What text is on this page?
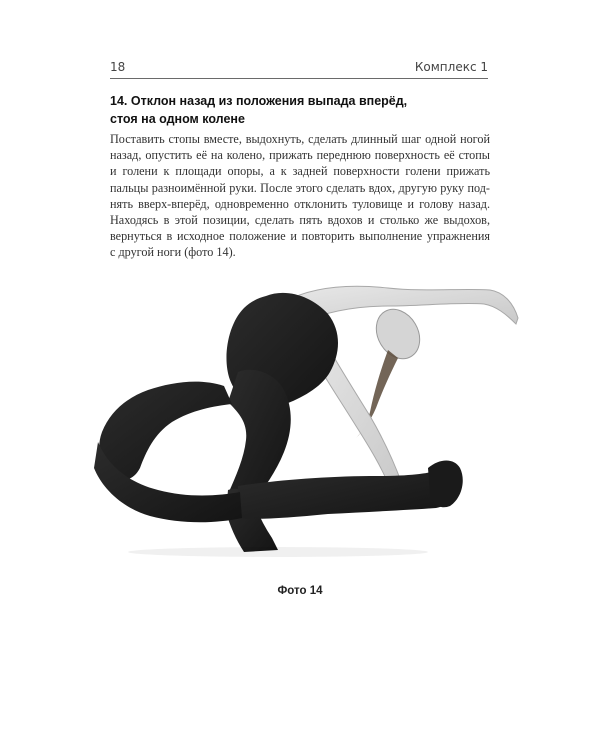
18	Комплекс 1
14. Отклон назад из положения выпада вперёд,
стоя на одном колене
Поставить стопы вместе, выдохнуть, сделать длинный шаг одной ногой
назад, опустить её на колено, прижать переднюю поверхность её стопы
и голени к площади опоры, а к задней поверхности голени прижать
пальцы разноимённой руки. После этого сделать вдох, другую руку под-
нять вверх-вперёд, одновременно отклонить туловище и голову назад.
Находясь в этой позиции, сделать пять вдохов и столько же выдохов,
вернуться в исходное положение и повторить выполнение упражнения
с другой ноги (фото 14).
Фото 14
